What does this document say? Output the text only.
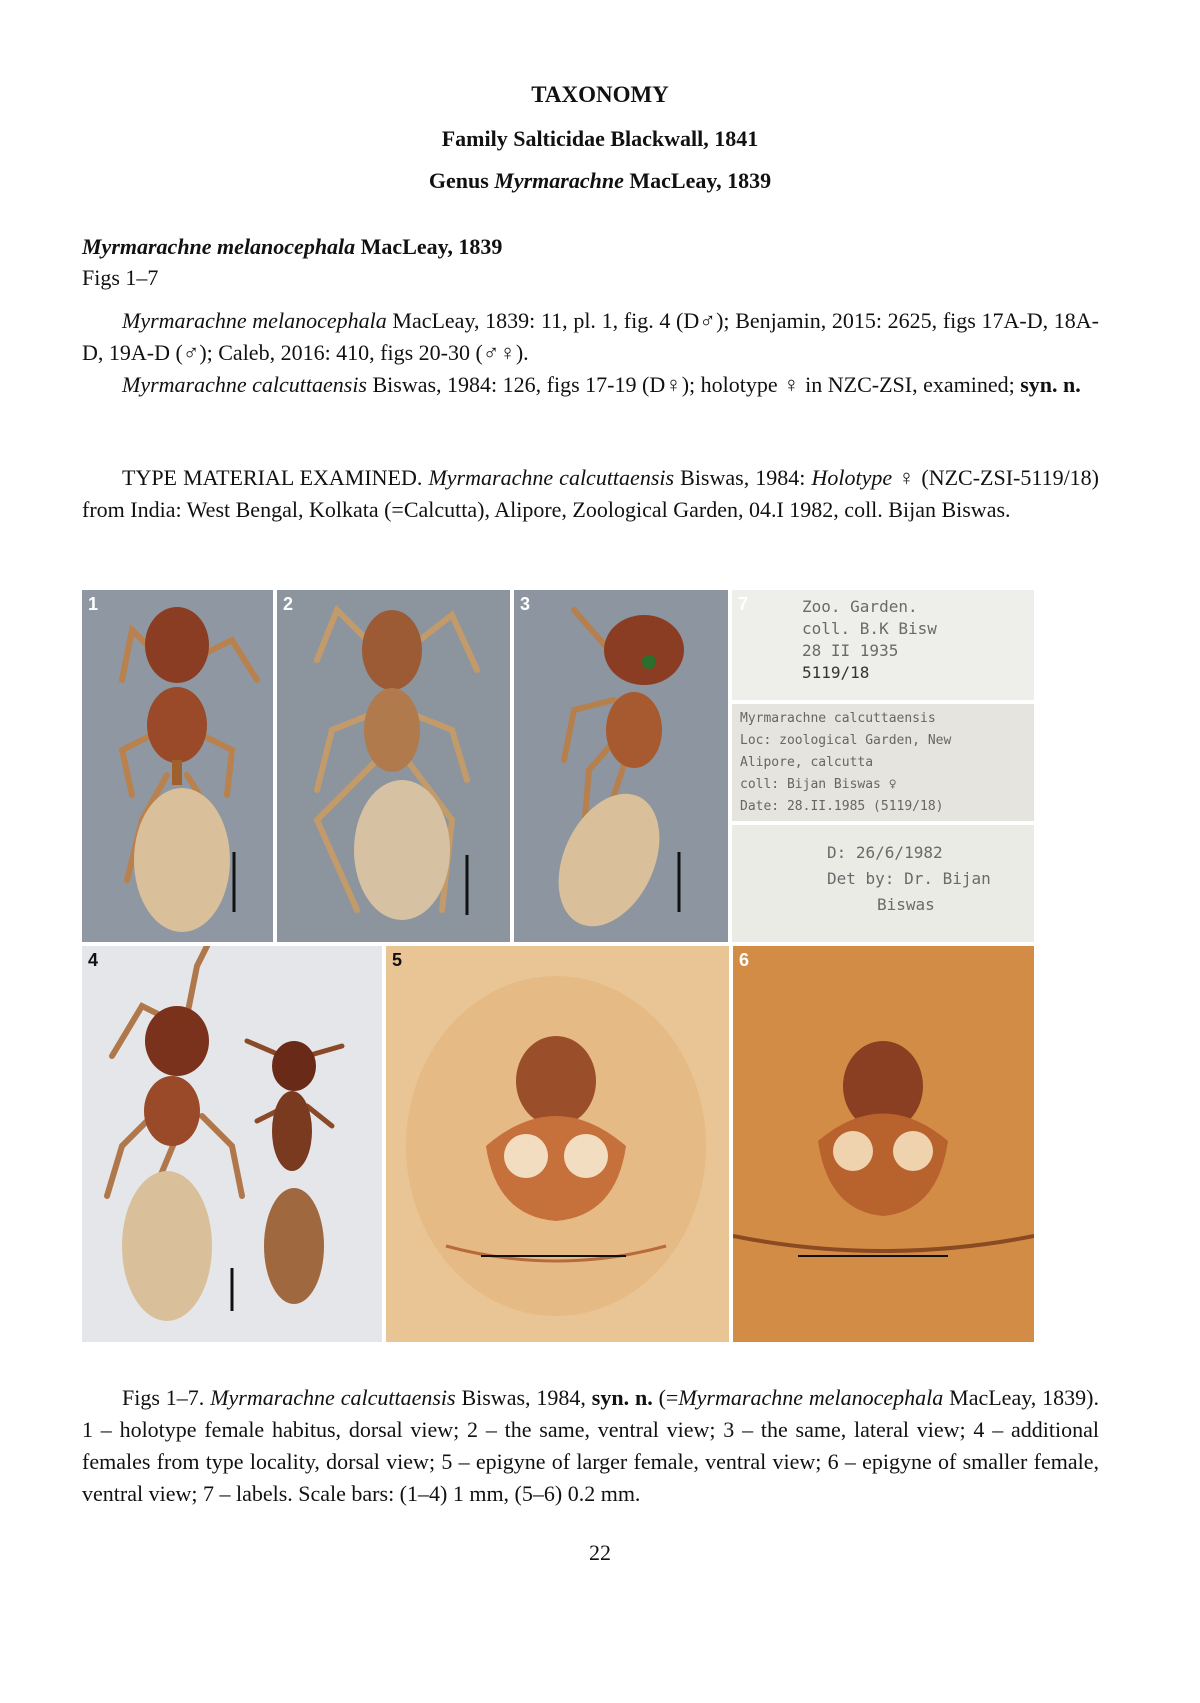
TAXONOMY
Family Salticidae Blackwall, 1841
Genus Myrmarachne MacLeay, 1839
Myrmarachne melanocephala MacLeay, 1839
Figs 1–7
Myrmarachne melanocephala MacLeay, 1839: 11, pl. 1, fig. 4 (D♂); Benjamin, 2015: 2625, figs 17A-D, 18A-D, 19A-D (♂); Caleb, 2016: 410, figs 20-30 (♂♀).
Myrmarachne calcuttaensis Biswas, 1984: 126, figs 17-19 (D♀); holotype ♀ in NZC-ZSI, examined; syn. n.
TYPE MATERIAL EXAMINED. Myrmarachne calcuttaensis Biswas, 1984: Holotype ♀ (NZC-ZSI-5119/18) from India: West Bengal, Kolkata (=Calcutta), Alipore, Zoological Garden, 04.I 1982, coll. Bijan Biswas.
1	2	3	7	Zoo. Garden.
coll. B.K Bisw
28 II 1935
5119/18
Myrmarachne calcuttaensis
Loc: zoological Garden, New
Alipore, calcutta
coll: Bijan Biswas ♀
Date: 28.II.1985 (5119/18)
D: 26/6/1982
Det by: Dr. Bijan
Biswas
4	5	6
Figs 1–7. Myrmarachne calcuttaensis Biswas, 1984, syn. n. (=Myrmarachne melanocephala MacLeay, 1839). 1 – holotype female habitus, dorsal view; 2 – the same, ventral view; 3 – the same, lateral view; 4 – additional females from type locality, dorsal view; 5 – epigyne of larger female, ventral view; 6 – epigyne of smaller female, ventral view; 7 – labels. Scale bars: (1–4) 1 mm, (5–6) 0.2 mm.
22
